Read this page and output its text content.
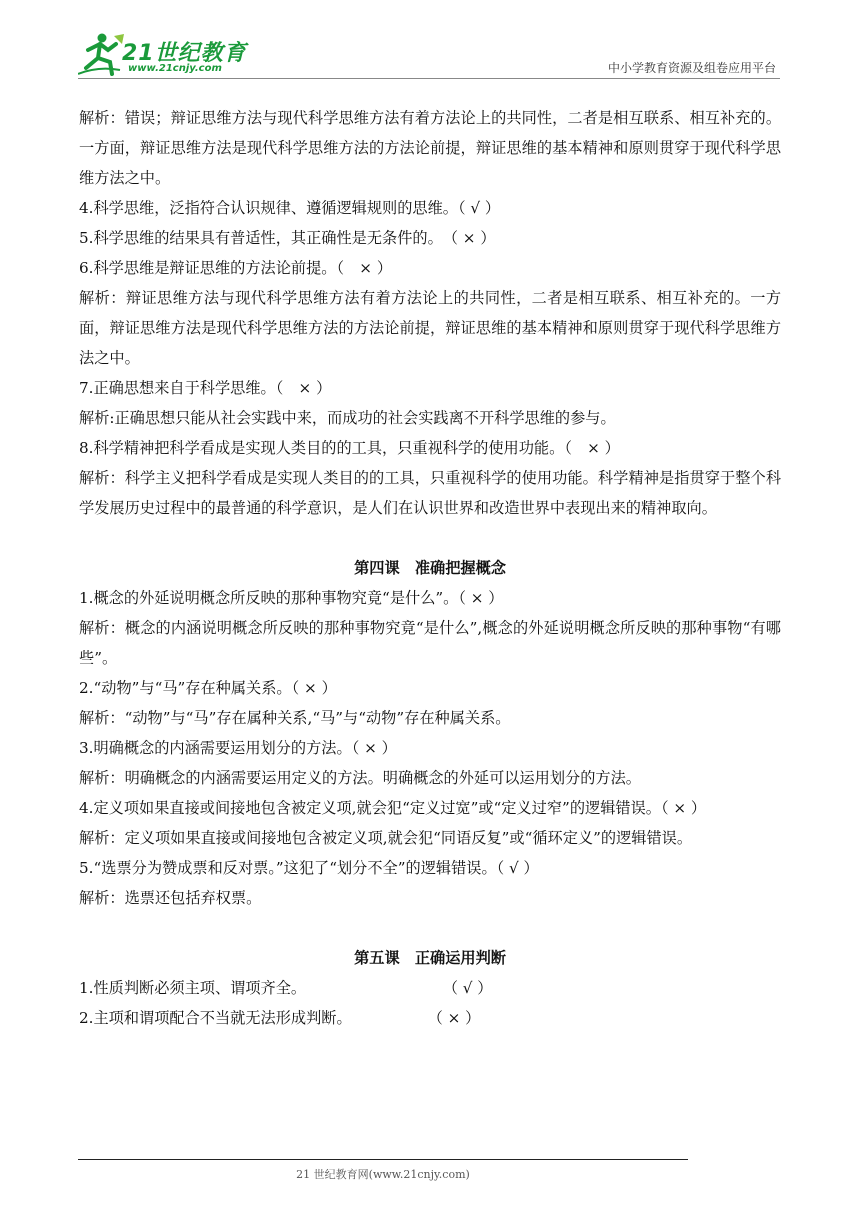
21世纪教育
www.21cnjy.com	中小学教育资源及组卷应用平台
解析：错误；辩证思维方法与现代科学思维方法有着方法论上的共同性，二者是相互联系、相互补充的。一方面，辩证思维方法是现代科学思维方法的方法论前提，辩证思维的基本精神和原则贯穿于现代科学思维方法之中。
4.科学思维，泛指符合认识规律、遵循逻辑规则的思维。（ √ ）
5.科学思维的结果具有普适性，其正确性是无条件的。　（ × ）
6.科学思维是辩证思维的方法论前提。（　× ）
解析：辩证思维方法与现代科学思维方法有着方法论上的共同性，二者是相互联系、相互补充的。一方面，辩证思维方法是现代科学思维方法的方法论前提，辩证思维的基本精神和原则贯穿于现代科学思维方法之中。
7.正确思想来自于科学思维。（　× ）
解析:正确思想只能从社会实践中来，而成功的社会实践离不开科学思维的参与。
8.科学精神把科学看成是实现人类目的的工具，只重视科学的使用功能。（　× ）
解析：科学主义把科学看成是实现人类目的的工具，只重视科学的使用功能。科学精神是指贯穿于整个科学发展历史过程中的最普通的科学意识，是人们在认识世界和改造世界中表现出来的精神取向。
第四课　准确把握概念
1.概念的外延说明概念所反映的那种事物究竟“是什么”。（ × ）
解析：概念的内涵说明概念所反映的那种事物究竟“是什么”,概念的外延说明概念所反映的那种事物“有哪些”。
2.“动物”与“马”存在种属关系。（ × ）
解析：“动物”与“马”存在属种关系,“马”与“动物”存在种属关系。
3.明确概念的内涵需要运用划分的方法。（ × ）
解析：明确概念的内涵需要运用定义的方法。明确概念的外延可以运用划分的方法。
4.定义项如果直接或间接地包含被定义项,就会犯“定义过宽”或“定义过窄”的逻辑错误。（ × ）
解析：定义项如果直接或间接地包含被定义项,就会犯“同语反复”或“循环定义”的逻辑错误。
5.“选票分为赞成票和反对票。”这犯了“划分不全”的逻辑错误。（ √ ）
解析：选票还包括弃权票。
第五课　正确运用判断
1.性质判断必须主项、谓项齐全。　　　　　　　　　　（ √ ）
2.主项和谓项配合不当就无法形成判断。　　　　　　（ × ）
21 世纪教育网(www.21cnjy.com)
